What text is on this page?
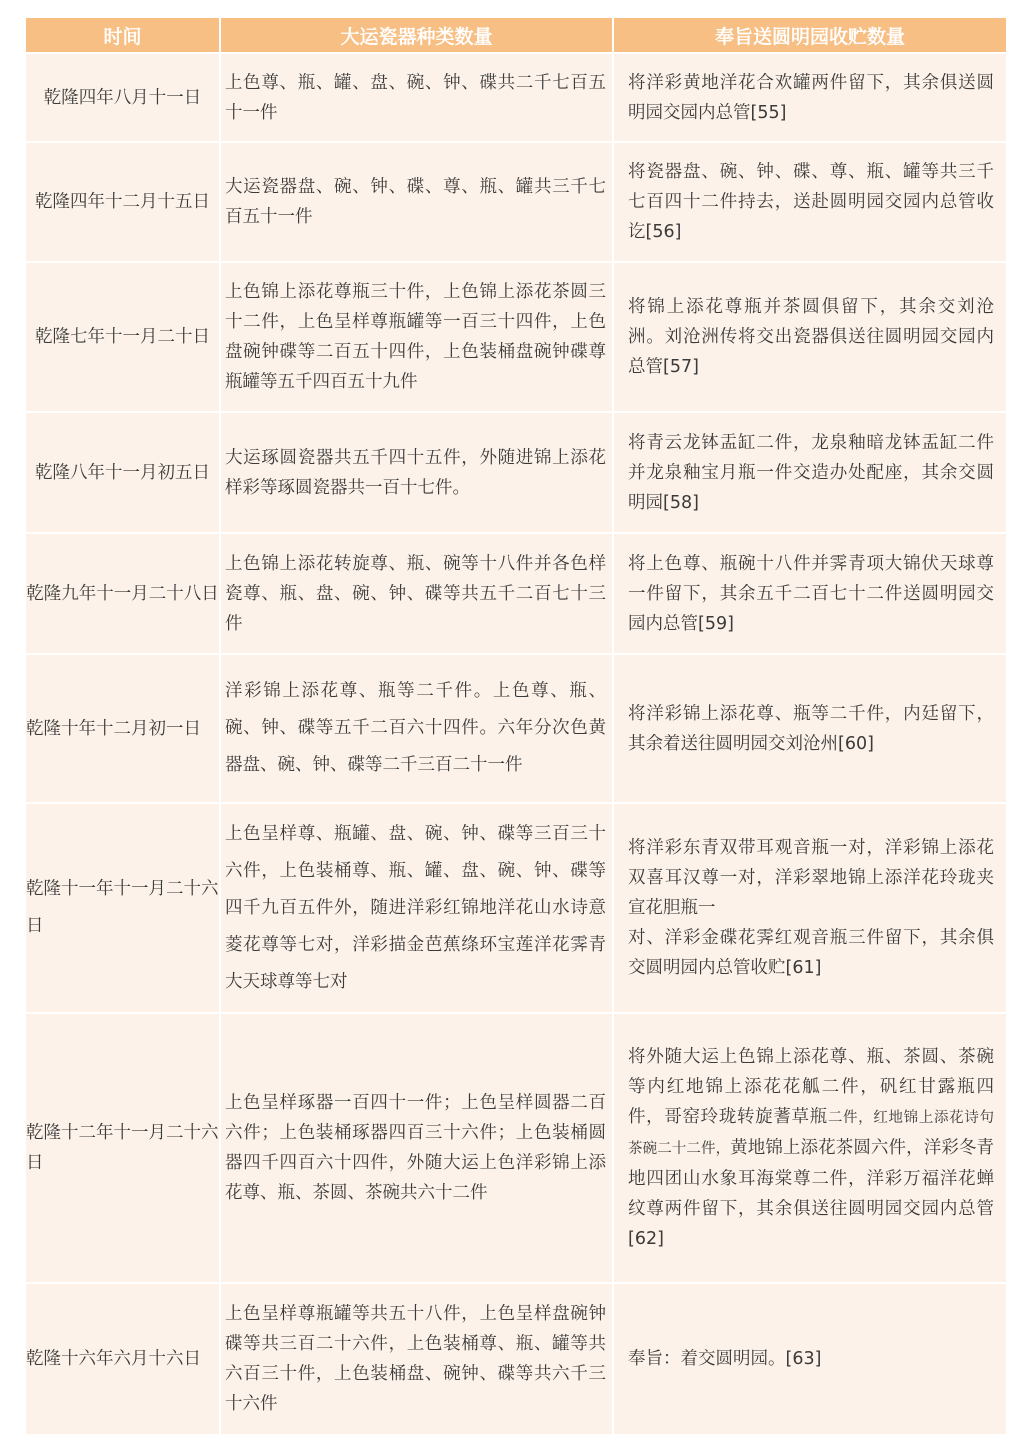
时间	大运瓷器种类数量	奉旨送圆明园收贮数量
乾隆四年八月十一日	上色尊、瓶、罐、盘、碗、钟、碟共二千七百五十一件	将洋彩黄地洋花合欢罐两件留下，其余俱送圆明园交园内总管[55]
乾隆四年十二月十五日	大运瓷器盘、碗、钟、碟、尊、瓶、罐共三千七百五十一件	将瓷器盘、碗、钟、碟、尊、瓶、罐等共三千七百四十二件持去，送赴圆明园交园内总管收讫[56]
乾隆七年十一月二十日	上色锦上添花尊瓶三十件，上色锦上添花茶圆三十二件，上色呈样尊瓶罐等一百三十四件，上色盘碗钟碟等二百五十四件，上色装桶盘碗钟碟尊瓶罐等五千四百五十九件	将锦上添花尊瓶并茶圆俱留下，其余交刘沧洲。刘沧洲传将交出瓷器俱送往圆明园交园内总管[57]
乾隆八年十一月初五日	大运琢圆瓷器共五千四十五件，外随进锦上添花样彩等琢圆瓷器共一百十七件。	将青云龙钵盂缸二件，龙泉釉暗龙钵盂缸二件并龙泉釉宝月瓶一件交造办处配座，其余交圆明园[58]
乾隆九年十一月二十八日	上色锦上添花转旋尊、瓶、碗等十八件并各色样瓷尊、瓶、盘、碗、钟、碟等共五千二百七十三件	将上色尊、瓶碗十八件并霁青项大锦伏天球尊一件留下，其余五千二百七十二件送圆明园交园内总管[59]
乾隆十年十二月初一日	洋彩锦上添花尊、瓶等二千件。上色尊、瓶、碗、钟、碟等五千二百六十四件。六年分次色黄器盘、碗、钟、碟等二千三百二十一件	将洋彩锦上添花尊、瓶等二千件，内廷留下，其余着送往圆明园交刘沧州[60]
乾隆十一年十一月二十六日	上色呈样尊、瓶罐、盘、碗、钟、碟等三百三十六件，上色装桶尊、瓶、罐、盘、碗、钟、碟等四千九百五件外，随进洋彩红锦地洋花山水诗意菱花尊等七对，洋彩描金芭蕉绦环宝莲洋花霁青大天球尊等七对	将洋彩东青双带耳观音瓶一对，洋彩锦上添花双喜耳汉尊一对，洋彩翠地锦上添洋花玲珑夹宣花胆瓶一
对、洋彩金碟花霁红观音瓶三件留下，其余俱交圆明园内总管收贮[61]
乾隆十二年十一月二十六日	上色呈样琢器一百四十一件；上色呈样圆器二百六件；上色装桶琢器四百三十六件；上色装桶圆器四千四百六十四件，外随大运上色洋彩锦上添花尊、瓶、茶圆、茶碗共六十二件	将外随大运上色锦上添花尊、瓶、茶圆、茶碗等内红地锦上添花花觚二件，矾红甘露瓶四件，哥窑玲珑转旋蓍草瓶二件，红地锦上添花诗句茶碗二十二件，黄地锦上添花茶圆六件，洋彩冬青地四团山水象耳海棠尊二件，洋彩万福洋花蝉纹尊两件留下，其余俱送往圆明园交园内总管[62]
乾隆十六年六月十六日	上色呈样尊瓶罐等共五十八件，上色呈样盘碗钟碟等共三百二十六件，上色装桶尊、瓶、罐等共六百三十件，上色装桶盘、碗钟、碟等共六千三十六件	奉旨：着交圆明园。[63]
